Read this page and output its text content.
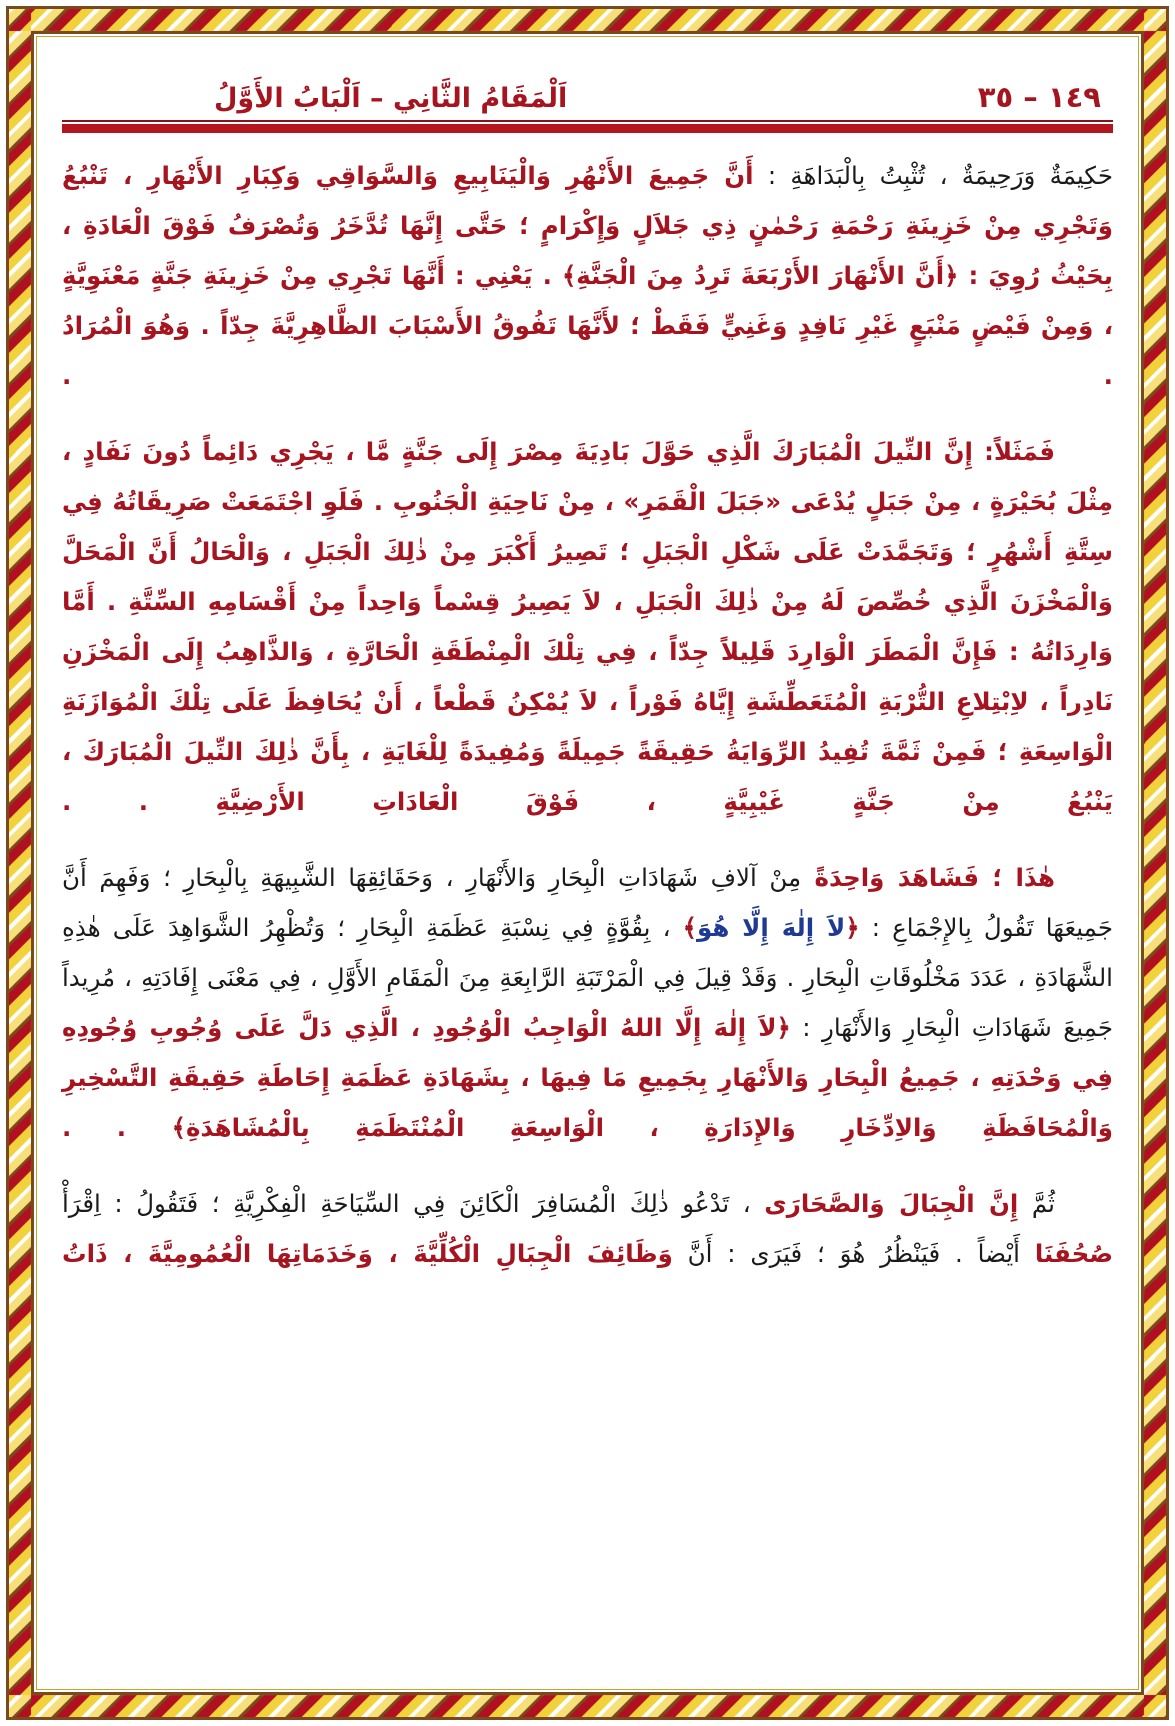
اَلْمَقَامُ الثَّانِي – اَلْبَابُ الأَوَّلُ	١٤٩ – ٣٥

حَكِيمَةٌ وَرَحِيمَةٌ ، تُثْبِتُ بِالْبَدَاهَةِ : أَنَّ جَمِيعَ الأَنْهُرِ وَالْيَنَابِيعِ وَالسَّوَاقِي وَكِبَارِ الأَنْهَارِ ، تَنْبُعُ وَتَجْرِي مِنْ خَزِينَةِ رَحْمَةِ رَحْمٰنٍ ذِي جَلاَلٍ وَإِكْرَامٍ ؛ حَتَّى إِنَّهَا تُدَّخَرُ وَتُصْرَفُ فَوْقَ الْعَادَةِ ، بِحَيْثُ رُوِيَ : ﴿أَنَّ الأَنْهَارَ الأَرْبَعَةَ تَرِدُ مِنَ الْجَنَّةِ﴾ . يَعْنِي : أَنَّهَا تَجْرِي مِنْ خَزِينَةِ جَنَّةٍ مَعْنَوِيَّةٍ ، وَمِنْ فَيْضٍ مَنْبَعٍ غَيْرِ نَافِدٍ وَغَنِيٍّ فَقَطْ ؛ لأَنَّهَا تَفُوقُ الأَسْبَابَ الظَّاهِرِيَّةَ جِدّاً . وَهُوَ الْمُرَادُ . .

فَمَثَلاً: إِنَّ النِّيلَ الْمُبَارَكَ الَّذِي حَوَّلَ بَادِيَةَ مِصْرَ إِلَى جَنَّةٍ مَّا ، يَجْرِي دَائِماً دُونَ نَفَادٍ ، مِثْلَ بُحَيْرَةٍ ، مِنْ جَبَلٍ يُدْعَى «جَبَلَ الْقَمَرِ» ، مِنْ نَاحِيَةِ الْجَنُوبِ . فَلَوِ اجْتَمَعَتْ صَرِيقَاتُهُ فِي سِتَّةِ أَشْهُرٍ ؛ وَتَجَمَّدَتْ عَلَى شَكْلِ الْجَبَلِ ؛ تَصِيرُ أَكْبَرَ مِنْ ذٰلِكَ الْجَبَلِ ، وَالْحَالُ أَنَّ الْمَحَلَّ وَالْمَخْزَنَ الَّذِي خُصِّصَ لَهُ مِنْ ذٰلِكَ الْجَبَلِ ، لاَ يَصِيرُ قِسْماً وَاحِداً مِنْ أَقْسَامِهِ السِّتَّةِ . أَمَّا وَارِدَاتُهُ : فَإِنَّ الْمَطَرَ الْوَارِدَ قَلِيلاً جِدّاً ، فِي تِلْكَ الْمِنْطَقَةِ الْحَارَّةِ ، وَالذَّاهِبُ إِلَى الْمَخْزَنِ نَادِراً ، لاِبْتِلاعِ التُّرْبَةِ الْمُتَعَطِّشَةِ إِيَّاهُ فَوْراً ، لاَ يُمْكِنُ قَطْعاً ، أَنْ يُحَافِظَ عَلَى تِلْكَ الْمُوَازَنَةِ الْوَاسِعَةِ ؛ فَمِنْ ثَمَّةَ تُفِيدُ الرِّوَايَةُ حَقِيقَةً جَمِيلَةً وَمُفِيدَةً لِلْغَايَةِ ، بِأَنَّ ذٰلِكَ النِّيلَ الْمُبَارَكَ ، يَنْبُعُ مِنْ جَنَّةٍ غَيْبِيَّةٍ ، فَوْقَ الْعَادَاتِ الأَرْضِيَّةِ . .

هٰذَا ؛ فَشَاهَدَ وَاحِدَةً مِنْ آلافِ شَهَادَاتِ الْبِحَارِ وَالأَنْهَارِ ، وَحَقَائِقِهَا الشَّبِيهَةِ بِالْبِحَارِ ؛ وَفَهِمَ أَنَّ جَمِيعَهَا تَقُولُ بِالإِجْمَاعِ : ﴿لاَ إِلٰهَ إِلَّا هُوَ﴾ ، بِقُوَّةٍ فِي نِسْبَةِ عَظَمَةِ الْبِحَارِ ؛ وَتُظْهِرُ الشَّوَاهِدَ عَلَى هٰذِهِ الشَّهَادَةِ ، عَدَدَ مَخْلُوقَاتِ الْبِحَارِ . وَقَدْ قِيلَ فِي الْمَرْتَبَةِ الرَّابِعَةِ مِنَ الْمَقَامِ الأَوَّلِ ، فِي مَعْنَى إِفَادَتِهِ ، مُرِيداً جَمِيعَ شَهَادَاتِ الْبِحَارِ وَالأَنْهَارِ : ﴿لاَ إِلٰهَ إِلَّا اللهُ الْوَاجِبُ الْوُجُودِ ، الَّذِي دَلَّ عَلَى وُجُوبِ وُجُودِهِ فِي وَحْدَتِهِ ، جَمِيعُ الْبِحَارِ وَالأَنْهَارِ بِجَمِيعِ مَا فِيهَا ، بِشَهَادَةِ عَظَمَةِ إِحَاطَةِ حَقِيقَةِ التَّسْخِيرِ وَالْمُحَافَظَةِ وَالاِدِّخَارِ وَالإِدَارَةِ ، الْوَاسِعَةِ الْمُنْتَظَمَةِ بِالْمُشَاهَدَةِ﴾ . .

ثُمَّ إِنَّ الْجِبَالَ وَالصَّحَارَى ، تَدْعُو ذٰلِكَ الْمُسَافِرَ الْكَائِنَ فِي السِّيَاحَةِ الْفِكْرِيَّةِ ؛ فَتَقُولُ : اِقْرَأْ صُحُفَنَا أَيْضاً . فَيَنْظُرُ هُوَ ؛ فَيَرَى : أَنَّ وَظَائِفَ الْجِبَالِ الْكُلِّيَّةَ ، وَخَدَمَاتِهَا الْعُمُومِيَّةَ ، ذَاتُ
